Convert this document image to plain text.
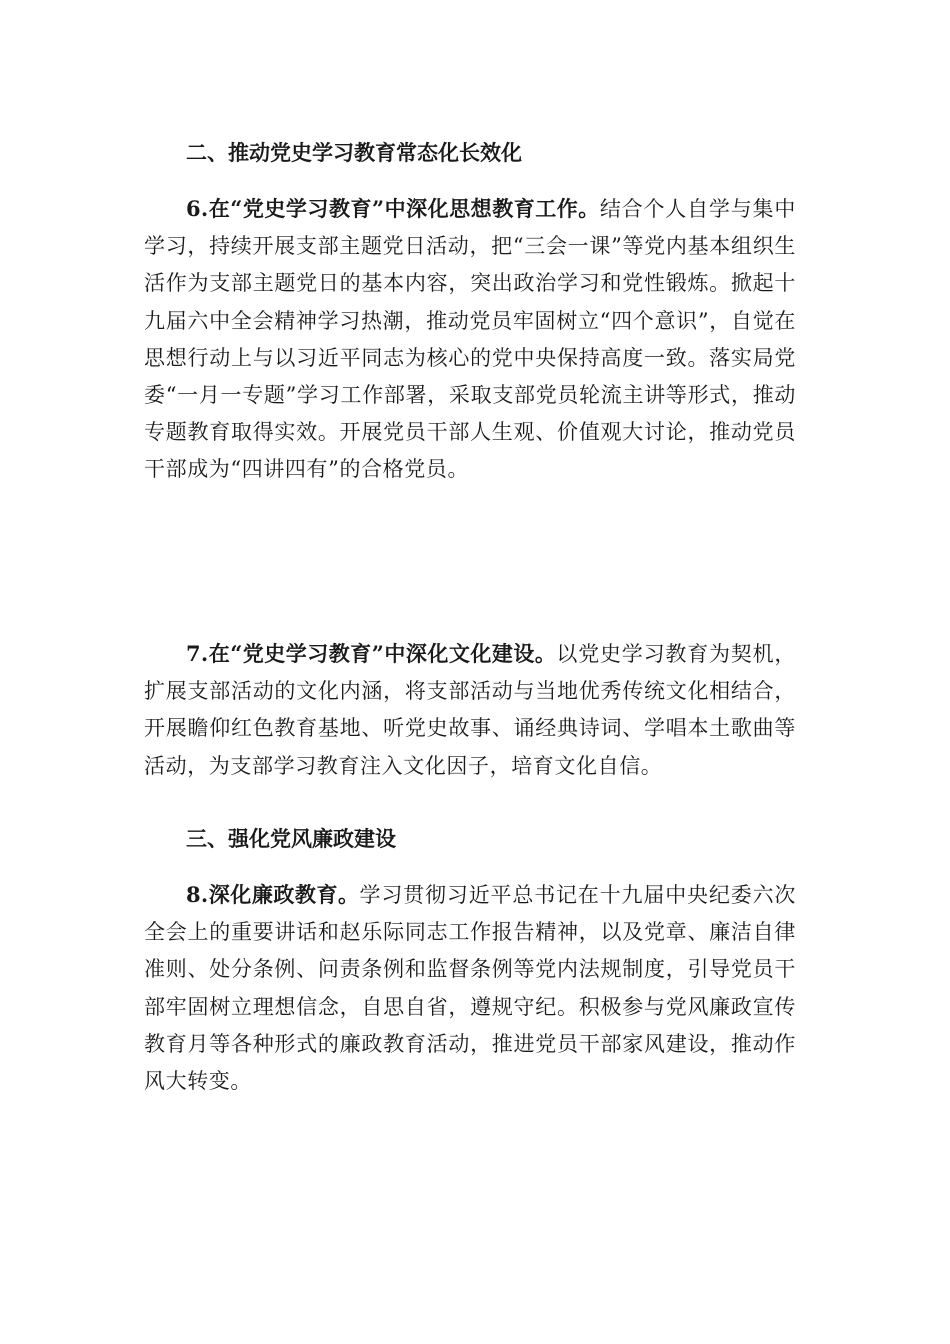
二、推动党史学习教育常态化长效化

6.在“党史学习教育”中深化思想教育工作。结合个人自学与集中学习，持续开展支部主题党日活动，把“三会一课”等党内基本组织生活作为支部主题党日的基本内容，突出政治学习和党性锻炼。掀起十九届六中全会精神学习热潮，推动党员牢固树立“四个意识”，自觉在思想行动上与以习近平同志为核心的党中央保持高度一致。落实局党委“一月一专题”学习工作部署，采取支部党员轮流主讲等形式，推动专题教育取得实效。开展党员干部人生观、价值观大讨论，推动党员干部成为“四讲四有”的合格党员。

7.在“党史学习教育”中深化文化建设。以党史学习教育为契机，扩展支部活动的文化内涵，将支部活动与当地优秀传统文化相结合，开展瞻仰红色教育基地、听党史故事、诵经典诗词、学唱本土歌曲等活动，为支部学习教育注入文化因子，培育文化自信。

三、强化党风廉政建设

8.深化廉政教育。学习贯彻习近平总书记在十九届中央纪委六次全会上的重要讲话和赵乐际同志工作报告精神，以及党章、廉洁自律准则、处分条例、问责条例和监督条例等党内法规制度，引导党员干部牢固树立理想信念，自思自省，遵规守纪。积极参与党风廉政宣传教育月等各种形式的廉政教育活动，推进党员干部家风建设，推动作风大转变。
